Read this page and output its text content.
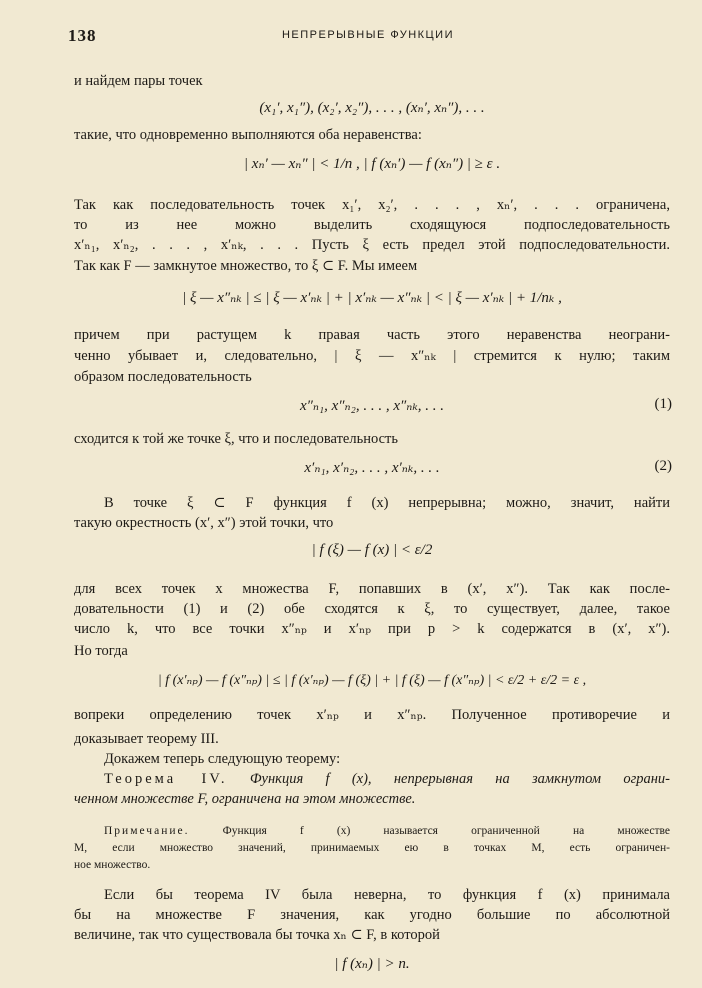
138	НЕПРЕРЫВНЫЕ ФУНКЦИИ
и найдем пары точек
(x₁′, x₁″), (x₂′, x₂″), . . . , (xₙ′, xₙ″), . . .
такие, что одновременно выполняются оба неравенства:
| xₙ′ — xₙ″ | < 1/n , | f (xₙ′) — f (xₙ″) | ≥ ε .
Так как последовательность точек x₁′, x₂′, . . . , xₙ′, . . . ограничена,
то из нее можно выделить сходящуюся подпоследовательность
x′ₙ₁, x′ₙ₂, . . . , x′ₙₖ, . . . Пусть ξ есть предел этой подпоследовательности.
Так как F — замкнутое множество, то ξ ⊂ F. Мы имеем
| ξ — x″ₙₖ | ≤ | ξ — x′ₙₖ | + | x′ₙₖ — x″ₙₖ | < | ξ — x′ₙₖ | + 1/nₖ ,
причем при растущем k правая часть этого неравенства неограни-
ченно убывает и, следовательно, | ξ — x″ₙₖ | стремится к нулю; таким
образом последовательность
x″ₙ₁, x″ₙ₂, . . . , x″ₙₖ, . . .	(1)
сходится к той же точке ξ, что и последовательность
x′ₙ₁, x′ₙ₂, . . . , x′ₙₖ, . . .	(2)
В точке ξ ⊂ F функция f (x) непрерывна; можно, значит, найти
такую окрестность (x′, x″) этой точки, что
| f (ξ) — f (x) | < ε/2
для всех точек x множества F, попавших в (x′, x″). Так как после-
довательности (1) и (2) обе сходятся к ξ, то существует, далее, такое
число k, что все точки x″ₙₚ и x′ₙₚ при p > k содержатся в (x′, x″).
Но тогда
| f (x′ₙₚ) — f (x″ₙₚ) | ≤ | f (x′ₙₚ) — f (ξ) | + | f (ξ) — f (x″ₙₚ) | < ε/2 + ε/2 = ε ,
вопреки определению точек x′ₙₚ и x″ₙₚ. Полученное противоречие и
доказывает теорему III.
Докажем теперь следующую теорему:
Теорема IV. Функция f (x), непрерывная на замкнутом ограни-
ченном множестве F, ограничена на этом множестве.
Примечание.	Функция f (x) называется ограниченной на множестве
M, если множество значений, принимаемых ею в точках M, есть ограничен-
ное множество.
Если бы теорема IV была неверна, то функция f (x) принимала
бы на множестве F значения, как угодно большие по абсолютной
величине, так что существовала бы точка xₙ ⊂ F, в которой
| f (xₙ) | > n.
